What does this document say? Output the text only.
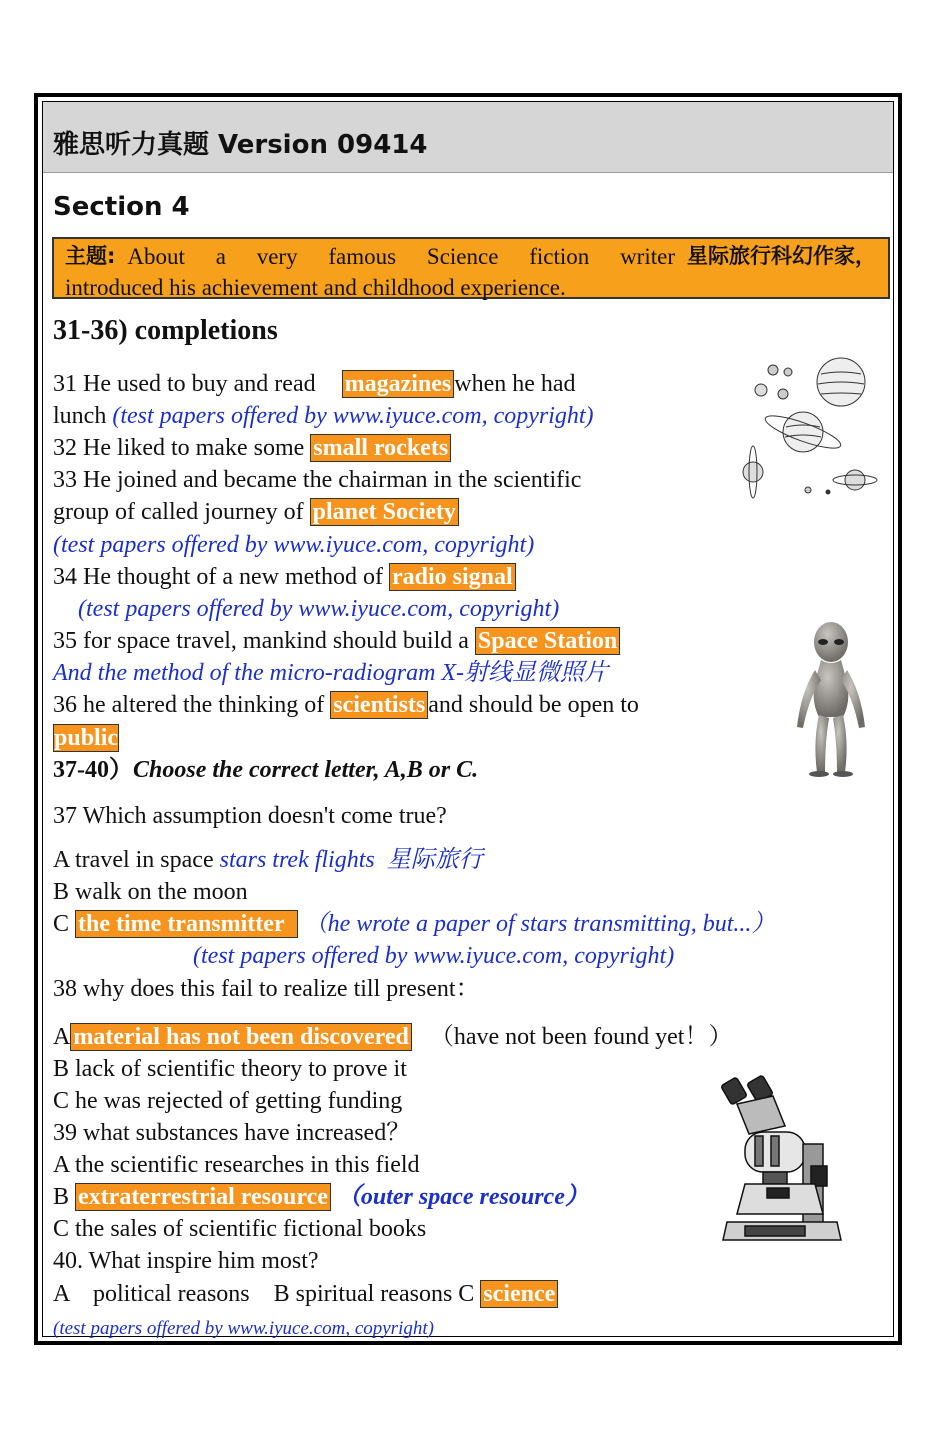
雅思听力真题 Version 09414
Section 4
主题: About a very famous Science fiction writer 星际旅行科幻作家，
introduced his achievement and childhood experience.
31-36) completions
31 He used to buy and read magazines when he had
lunch (test papers offered by www.iyuce.com, copyright)
32 He liked to make some small rockets
33 He joined and became the chairman in the scientific
group of called journey of planet Society
(test papers offered by www.iyuce.com, copyright)
34 He thought of a new method of radio signal
(test papers offered by www.iyuce.com, copyright)
35 for space travel, mankind should build a Space Station
And the method of the micro-radiogram X-射线显微照片
36 he altered the thinking of scientists and should be open to
public
37-40）Choose the correct letter, A,B or C.
37 Which assumption doesn't come true?
A travel in space stars trek flights 星际旅行
B walk on the moon
C the time transmitter （he wrote a paper of stars transmitting, but...）
(test papers offered by www.iyuce.com, copyright)
38 why does this fail to realize till present：
A material has not been discovered （have not been found yet！）
B lack of scientific theory to prove it
C he was rejected of getting funding
39 what substances have increased？
A the scientific researches in this field
B extraterrestrial resource （outer space resource）
C the sales of scientific fictional books
40. What inspire him most?
A    political reasons B spiritual reasons C science
(test papers offered by www.iyuce.com, copyright)
